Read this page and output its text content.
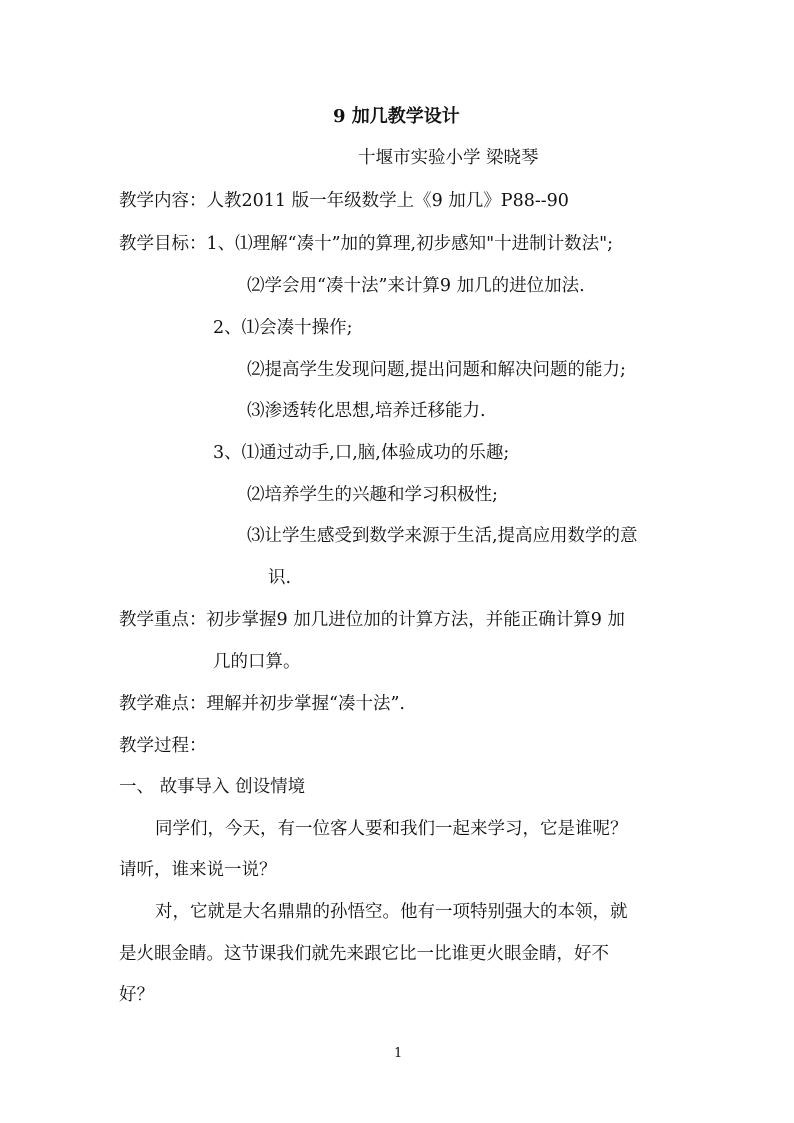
9 加几教学设计
十堰市实验小学 梁晓琴
教学内容：人教2011 版一年级数学上《9 加几》P88--90
教学目标：1、⑴理解“凑十”加的算理,初步感知"十进制计数法";
⑵学会用“凑十法”来计算9 加几的进位加法.
2、⑴会凑十操作;
⑵提高学生发现问题,提出问题和解决问题的能力;
⑶渗透转化思想,培养迁移能力.
3、⑴通过动手,口,脑,体验成功的乐趣;
⑵培养学生的兴趣和学习积极性;
⑶让学生感受到数学来源于生活,提高应用数学的意
识.
教学重点：初步掌握9 加几进位加的计算方法，并能正确计算9 加
几的口算。
教学难点：理解并初步掌握“凑十法”.
教学过程：
一、 故事导入 创设情境
同学们，今天，有一位客人要和我们一起来学习，它是谁呢？
请听，谁来说一说？
对，它就是大名鼎鼎的孙悟空。他有一项特别强大的本领，就
是火眼金睛。这节课我们就先来跟它比一比谁更火眼金睛，好不
好？
1
